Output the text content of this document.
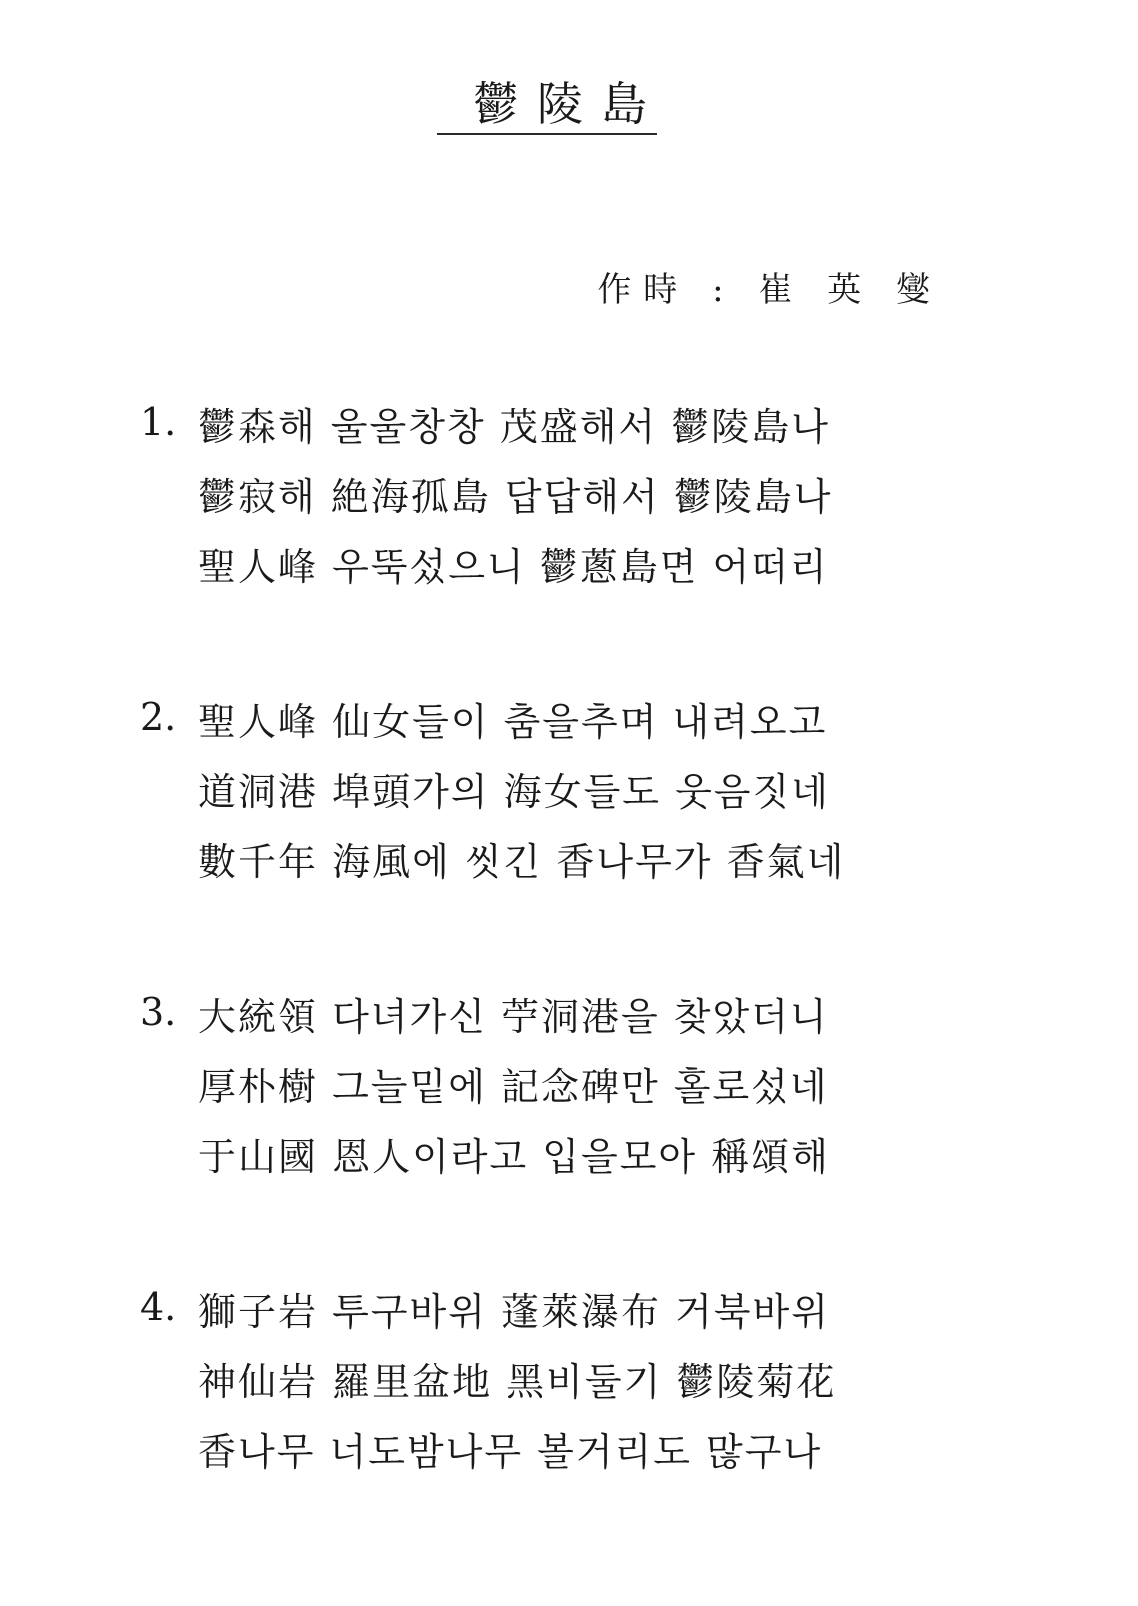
鬱陵島
作時 : 崔 英 燮
1. 鬱森해 울울창창 茂盛해서 鬱陵島나

鬱寂해 絶海孤島 답답해서 鬱陵島나

聖人峰 우뚝섰으니 鬱蔥島면 어떠리

2. 聖人峰 仙女들이 춤을추며 내려오고

道洞港 埠頭가의 海女들도 웃음짓네

數千年 海風에 씻긴 香나무가 香氣네

3. 大統領 다녀가신 苧洞港을 찾았더니

厚朴樹 그늘밑에 記念碑만 홀로섰네

于山國 恩人이라고 입을모아 稱頌해

4. 獅子岩 투구바위 蓬萊瀑布 거북바위

神仙岩 羅里盆地 黑비둘기 鬱陵菊花

香나무 너도밤나무 볼거리도 많구나
